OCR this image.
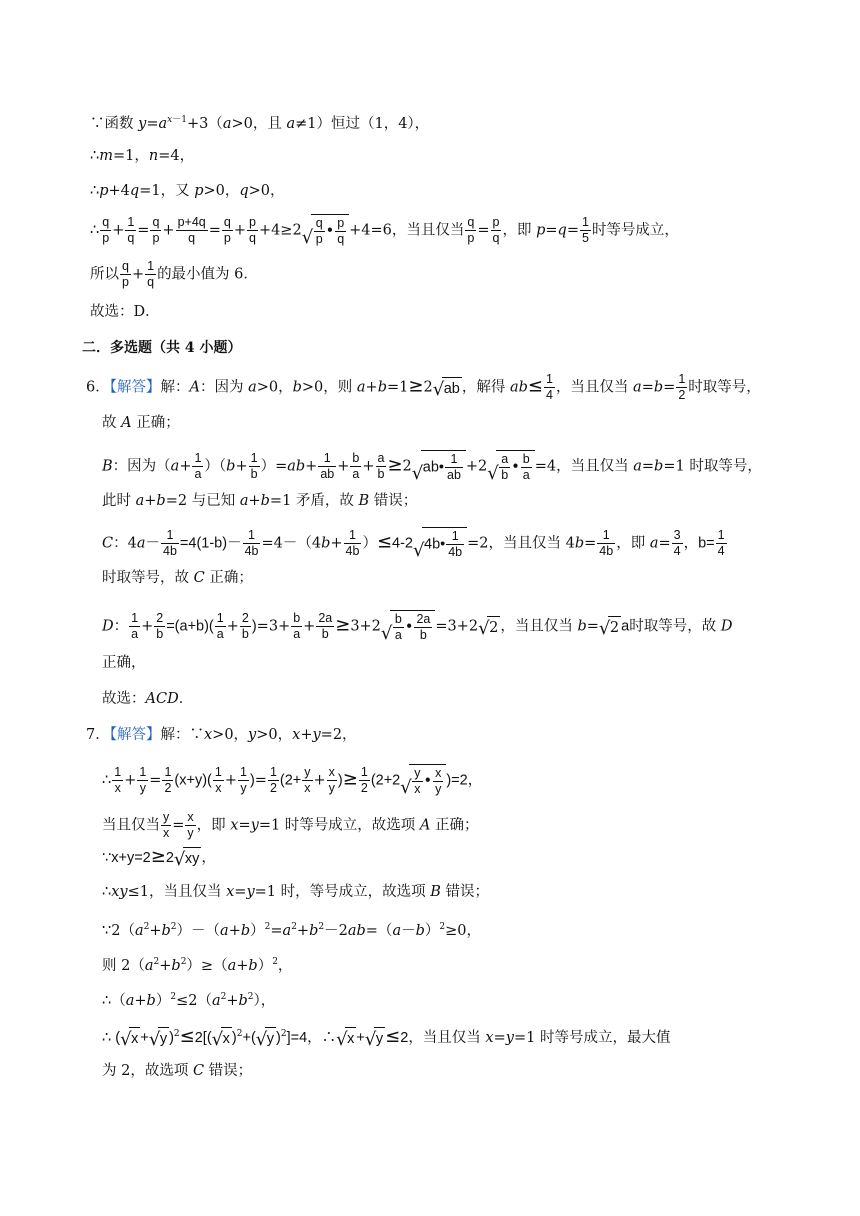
∵函数 $y=a^{x-1}+3(a>0$，且 a≠1）恒过（1，4），
∴m=1，n=4，
∴p+4q=1，又 p>0，q>0，
∴ $\frac{q}{p} + \frac{1}{q} = \frac{q}{p} + \frac{p+4q}{q} = \frac{q}{p} + \frac{p}{q} +4\ge 2$ √ $\frac{q}{p}$ • $\frac{p}{q} +4=6$，当且仅当 $\frac{q}{p} = \frac{p}{q}$ ，即 $p=q= \frac{1}{5}$ 时等号成立，
所以 $\frac{q}{p} + \frac{1}{q}$ 的最小值为 6．
故选：D．
二．多选题（共 4 小题）
6．【解答】解：A：因为 a>0，b>0，则 a+b=1≥2 √ ab ，解得 $ab\le \frac{1}{4}$ ，当且仅当 $a=b= \frac{1}{2}$ 时取等号，
故 A 正确；
B：因为$(a+ \frac{1}{a} )(b+ \frac{1}{b} )=ab+ \frac{1}{ab} + \frac{b}{a} + \frac{a}{b} \ge 2$ √ ab• $\frac{1}{ab} +2$ √ $\frac{a}{b}$ • $\frac{b}{a} =4$，当且仅当 a=b=1 时取等号，
此时 a+b=2 与已知 a+b=1 矛盾，故 B 错误；
C：$4a- \frac{1}{4b} =4(1-b)- \frac{1}{4b} =4-(4b+ \frac{1}{4b} )\le 4-2$ √ 4b• $\frac{1}{4b} =2$，当且仅当 $4b= \frac{1}{4b}$ ，即 $a= \frac{3}{4}$ ，$b= \frac{1}{4}$
时取等号，故 C 正确；
D： $\frac{1}{a} + \frac{2}{b} =(a+b)( \frac{1}{a} + \frac{2}{b} )=3+ \frac{b}{a} + \frac{2a}{b} \ge 3+2$ √ $\frac{b}{a}$ • $\frac{2a}{b} =3+2$ √ 2 ，当且仅当 b= √ 2 a时取等号，故 D
正确，
故选：ACD．
7．【解答】解：∵x>0，y>0，x+y=2，
∴ $\frac{1}{x} + \frac{1}{y} = \frac{1}{2} (x+y)( \frac{1}{x} + \frac{1}{y}$ )= $\frac{1}{2} (2+ \frac{y}{x} + \frac{x}{y}$ )≥ $\frac{1}{2} (2+2$ √ $\frac{y}{x}$ • $\frac{x}{y} )=2$，
当且仅当 $\frac{y}{x} = \frac{x}{y}$ ，即 x=y=1 时等号成立，故选项 A 正确；
∵x+y=2≥2 √ xy ，
∴xy≤1，当且仅当 x=y=1 时，等号成立，故选项 B 错误；
$\because 2(a^2+b^2)-(a+b)^2=a^2+b^2-2ab=(a-b)^2\ge 0$，
则 $2(a^2+b^2)\ge(a+b)^2$，
$\therefore(a+b)^2\le 2(a^2+b^2)$，
∴ ( √ x + √ y )$^2$≤2[( √ x )$^2$+( √ y )$^2$]=4，∴ √ x + √ y ≤2，当且仅当 x=y=1 时等号成立，最大值
为 2，故选项 C 错误；
